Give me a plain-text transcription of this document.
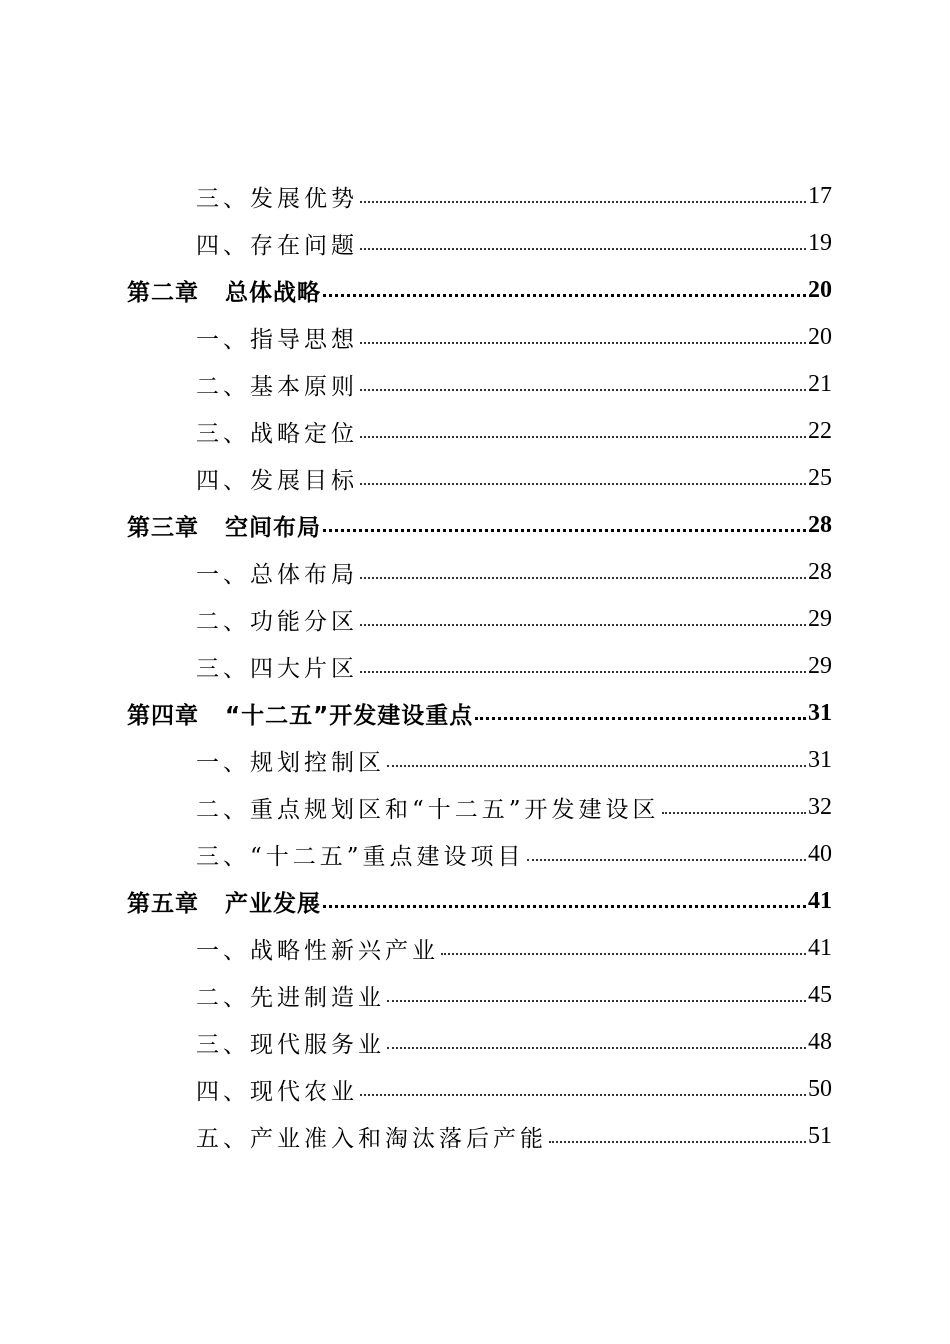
三、发展优势	17
四、存在问题	19
第二章 总体战略	20
一、指导思想	20
二、基本原则	21
三、战略定位	22
四、发展目标	25
第三章 空间布局	28
一、总体布局	28
二、功能分区	29
三、四大片区	29
第四章 “十二五”开发建设重点	31
一、规划控制区	31
二、重点规划区和“十二五”开发建设区	32
三、“十二五”重点建设项目	40
第五章 产业发展	41
一、战略性新兴产业	41
二、先进制造业	45
三、现代服务业	48
四、现代农业	50
五、产业准入和淘汰落后产能	51
